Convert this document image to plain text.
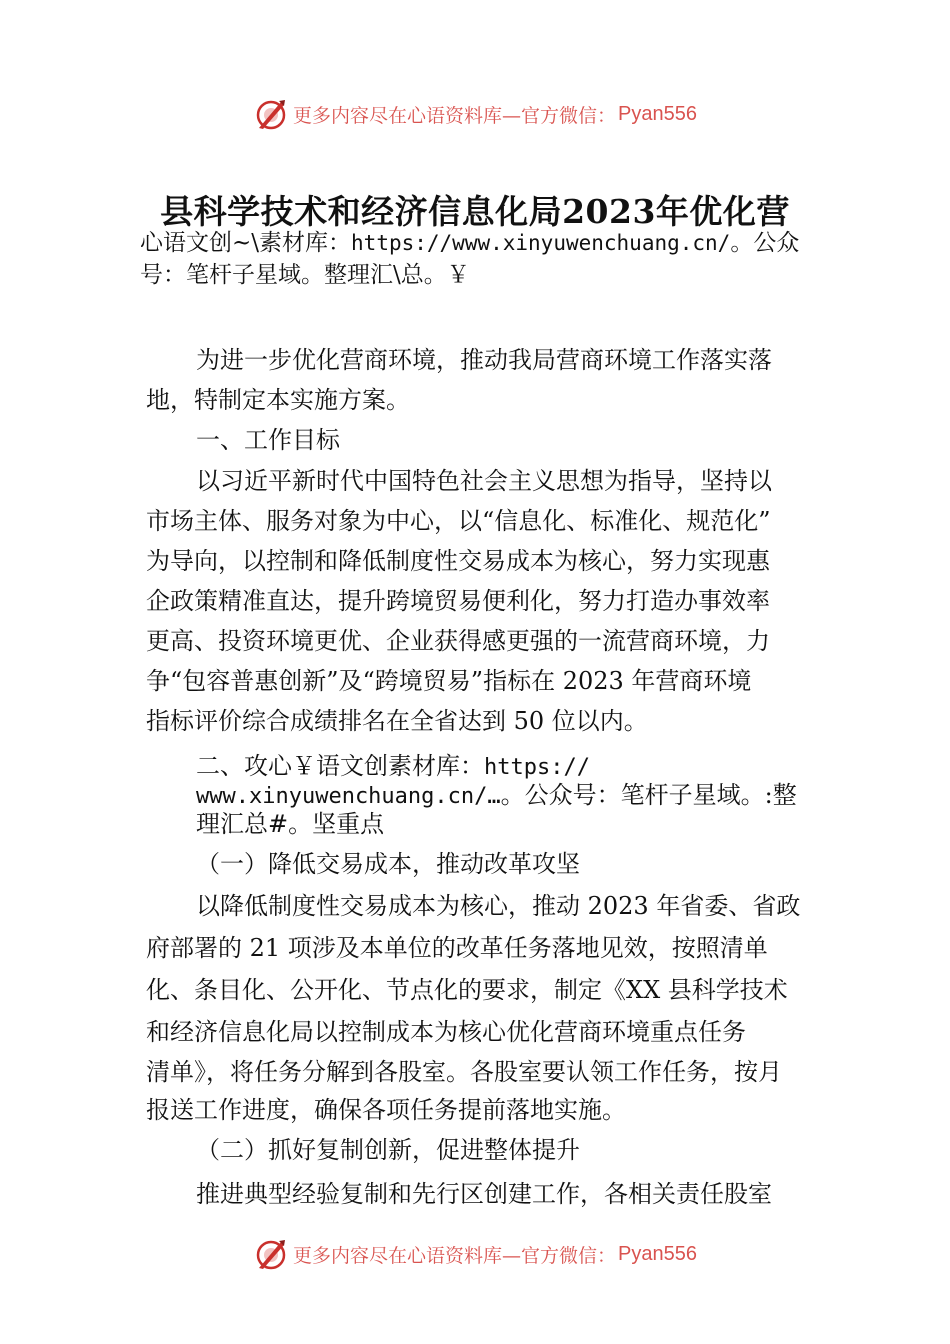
更多内容尽在心语资料库—官方微信： Pyan556
县科学技术和经济信息化局2023年优化营
心语文创~\素材库：https://www.xinyuwenchuang.cn/。公众
号：笔杆子星域。整理汇\总。￥
为进一步优化营商环境，推动我局营商环境工作落实落
地，特制定本实施方案。
一、工作目标
以习近平新时代中国特色社会主义思想为指导，坚持以
市场主体、服务对象为中心，以“信息化、标准化、规范化”
为导向，以控制和降低制度性交易成本为核心，努力实现惠
企政策精准直达，提升跨境贸易便利化，努力打造办事效率
更高、投资环境更优、企业获得感更强的一流营商环境，力
争“包容普惠创新”及“跨境贸易”指标在 2023 年营商环境
指标评价综合成绩排名在全省达到 50 位以内。
二、攻心￥语文创素材库：https://
www.xinyuwenchuang.cn/…。公众号：笔杆子星域。:整
理汇总#。坚重点
（一）降低交易成本，推动改革攻坚
以降低制度性交易成本为核心，推动 2023 年省委、省政
府部署的 21 项涉及本单位的改革任务落地见效，按照清单
化、条目化、公开化、节点化的要求，制定《XX 县科学技术
和经济信息化局以控制成本为核心优化营商环境重点任务
清单》，将任务分解到各股室。各股室要认领工作任务，按月
报送工作进度，确保各项任务提前落地实施。
（二）抓好复制创新，促进整体提升
推进典型经验复制和先行区创建工作，各相关责任股室
更多内容尽在心语资料库—官方微信： Pyan556
